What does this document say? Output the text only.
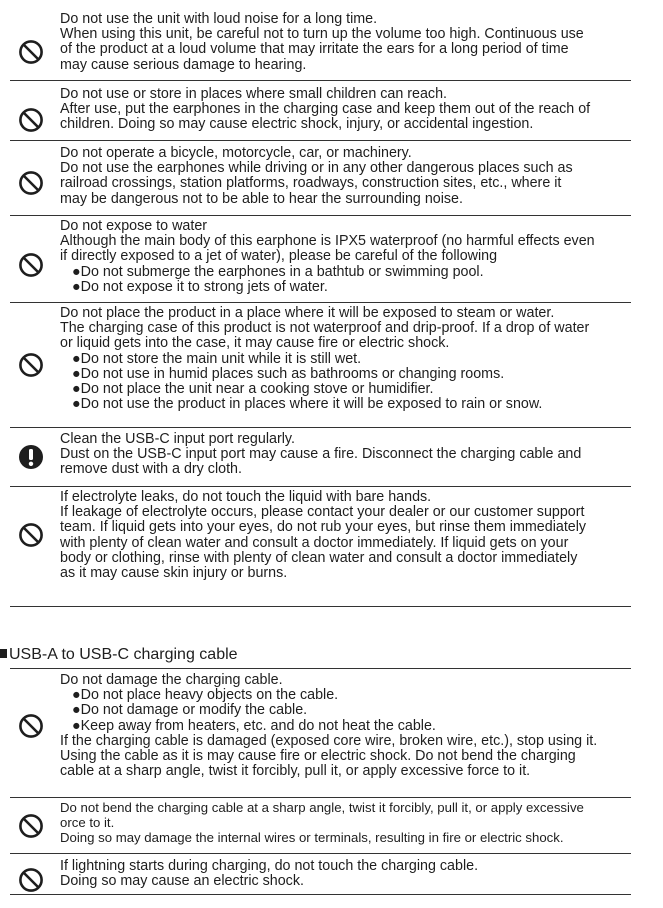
Do not use the unit with loud noise for a long time.
When using this unit, be careful not to turn up the volume too high. Continuous use
of the product at a loud volume that may irritate the ears for a long period of time
may cause serious damage to hearing.
Do not use or store in places where small children can reach.
After use, put the earphones in the charging case and keep them out of the reach of
children. Doing so may cause electric shock, injury, or accidental ingestion.
Do not operate a bicycle, motorcycle, car, or machinery.
Do not use the earphones while driving or in any other dangerous places such as
railroad crossings, station platforms, roadways, construction sites, etc., where it
may be dangerous not to be able to hear the surrounding noise.
Do not expose to water
Although the main body of this earphone is IPX5 waterproof (no harmful effects even
if directly exposed to a jet of water), please be careful of the following
●Do not submerge the earphones in a bathtub or swimming pool.
●Do not expose it to strong jets of water.
Do not place the product in a place where it will be exposed to steam or water.
The charging case of this product is not waterproof and drip-proof. If a drop of water
or liquid gets into the case, it may cause fire or electric shock.
●Do not store the main unit while it is still wet.
●Do not use in humid places such as bathrooms or changing rooms.
●Do not place the unit near a cooking stove or humidifier.
●Do not use the product in places where it will be exposed to rain or snow.
Clean the USB-C input port regularly.
Dust on the USB-C input port may cause a fire. Disconnect the charging cable and
remove dust with a dry cloth.
If electrolyte leaks, do not touch the liquid with bare hands.
If leakage of electrolyte occurs, please contact your dealer or our customer support
team. If liquid gets into your eyes, do not rub your eyes, but rinse them immediately
with plenty of clean water and consult a doctor immediately. If liquid gets on your
body or clothing, rinse with plenty of clean water and consult a doctor immediately
as it may cause skin injury or burns.
USB-A to USB-C charging cable
Do not damage the charging cable.
●Do not place heavy objects on the cable.
●Do not damage or modify the cable.
●Keep away from heaters, etc. and do not heat the cable.
If the charging cable is damaged (exposed core wire, broken wire, etc.), stop using it.
Using the cable as it is may cause fire or electric shock. Do not bend the charging
cable at a sharp angle, twist it forcibly, pull it, or apply excessive force to it.
Do not bend the charging cable at a sharp angle, twist it forcibly, pull it, or apply excessive
orce to it.
Doing so may damage the internal wires or terminals, resulting in fire or electric shock.
If lightning starts during charging, do not touch the charging cable.
Doing so may cause an electric shock.
